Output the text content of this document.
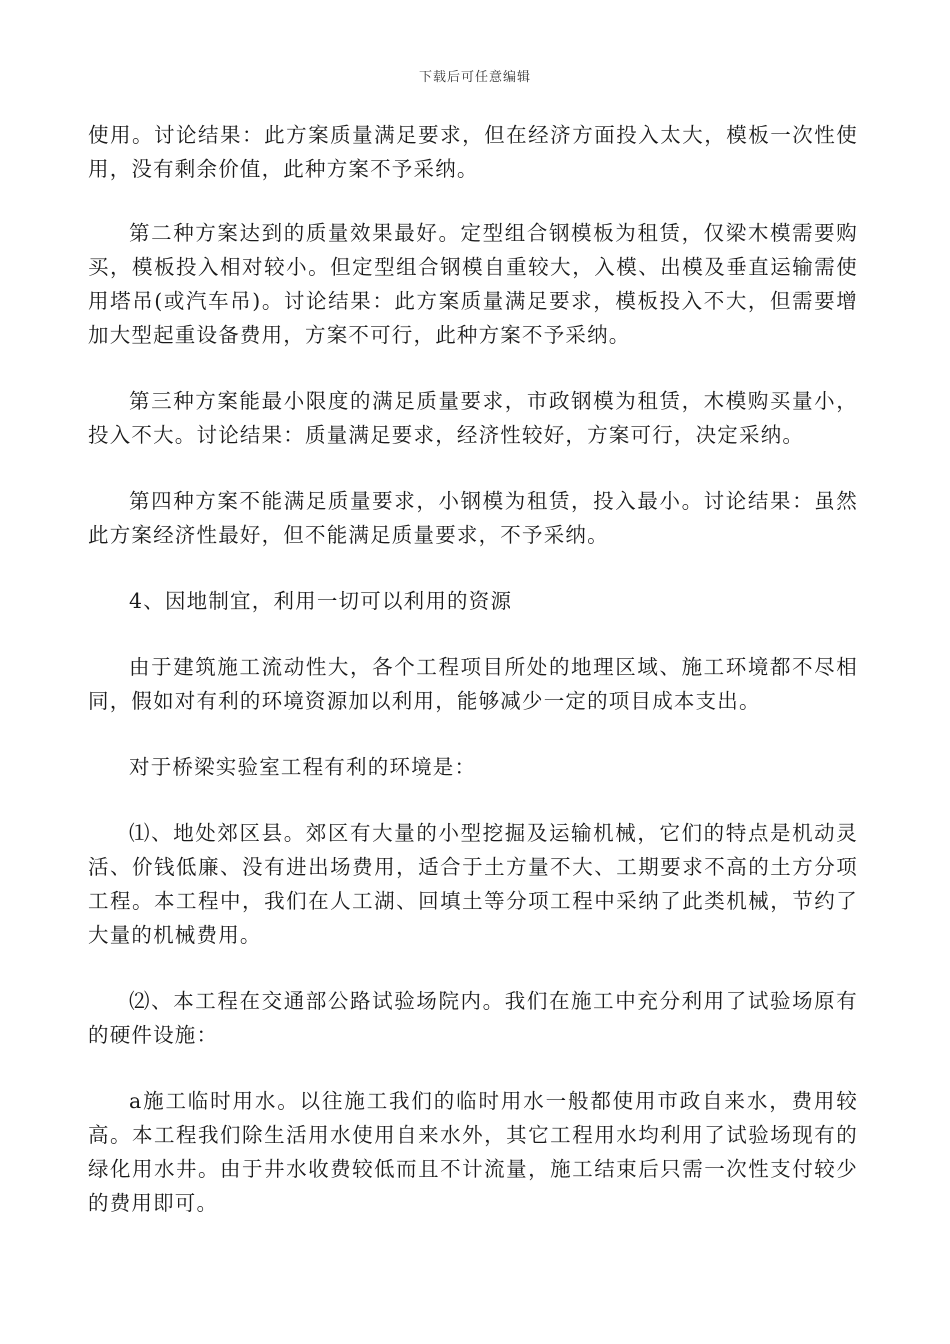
下载后可任意编辑

使用。讨论结果：此方案质量满足要求，但在经济方面投入太大，模板一次性使用，没有剩余价值，此种方案不予采纳。

第二种方案达到的质量效果最好。定型组合钢模板为租赁，仅梁木模需要购买，模板投入相对较小。但定型组合钢模自重较大，入模、出模及垂直运输需使用塔吊(或汽车吊)。讨论结果：此方案质量满足要求，模板投入不大，但需要增加大型起重设备费用，方案不可行，此种方案不予采纳。

第三种方案能最小限度的满足质量要求，市政钢模为租赁，木模购买量小，投入不大。讨论结果：质量满足要求，经济性较好，方案可行，决定采纳。

第四种方案不能满足质量要求，小钢模为租赁，投入最小。讨论结果：虽然此方案经济性最好，但不能满足质量要求，不予采纳。

4、因地制宜，利用一切可以利用的资源

由于建筑施工流动性大，各个工程项目所处的地理区域、施工环境都不尽相同，假如对有利的环境资源加以利用，能够减少一定的项目成本支出。

对于桥梁实验室工程有利的环境是：

⑴、地处郊区县。郊区有大量的小型挖掘及运输机械，它们的特点是机动灵活、价钱低廉、没有进出场费用，适合于土方量不大、工期要求不高的土方分项工程。本工程中，我们在人工湖、回填土等分项工程中采纳了此类机械，节约了大量的机械费用。

⑵、本工程在交通部公路试验场院内。我们在施工中充分利用了试验场原有的硬件设施：

a施工临时用水。以往施工我们的临时用水一般都使用市政自来水，费用较高。本工程我们除生活用水使用自来水外，其它工程用水均利用了试验场现有的绿化用水井。由于井水收费较低而且不计流量，施工结束后只需一次性支付较少的费用即可。
